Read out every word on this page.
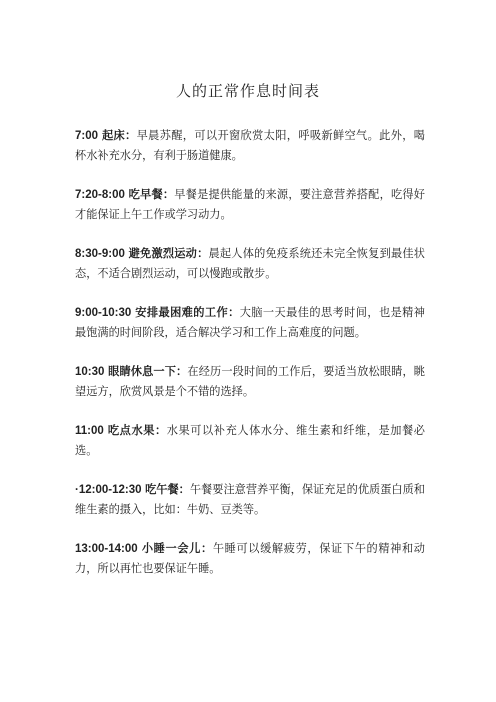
人的正常作息时间表

7:00 起床：早晨苏醒，可以开窗欣赏太阳，呼吸新鲜空气。此外，喝杯水补充水分，有利于肠道健康。

7:20-8:00 吃早餐：早餐是提供能量的来源，要注意营养搭配，吃得好才能保证上午工作或学习动力。

8:30-9:00 避免激烈运动：晨起人体的免疫系统还未完全恢复到最佳状态，不适合剧烈运动，可以慢跑或散步。

9:00-10:30 安排最困难的工作：大脑一天最佳的思考时间，也是精神最饱满的时间阶段，适合解决学习和工作上高难度的问题。

10:30 眼睛休息一下：在经历一段时间的工作后，要适当放松眼睛，眺望远方，欣赏风景是个不错的选择。

11:00 吃点水果：水果可以补充人体水分、维生素和纤维，是加餐必选。

·12:00-12:30 吃午餐：午餐要注意营养平衡，保证充足的优质蛋白质和维生素的摄入，比如：牛奶、豆类等。

13:00-14:00 小睡一会儿：午睡可以缓解疲劳，保证下午的精神和动力，所以再忙也要保证午睡。
